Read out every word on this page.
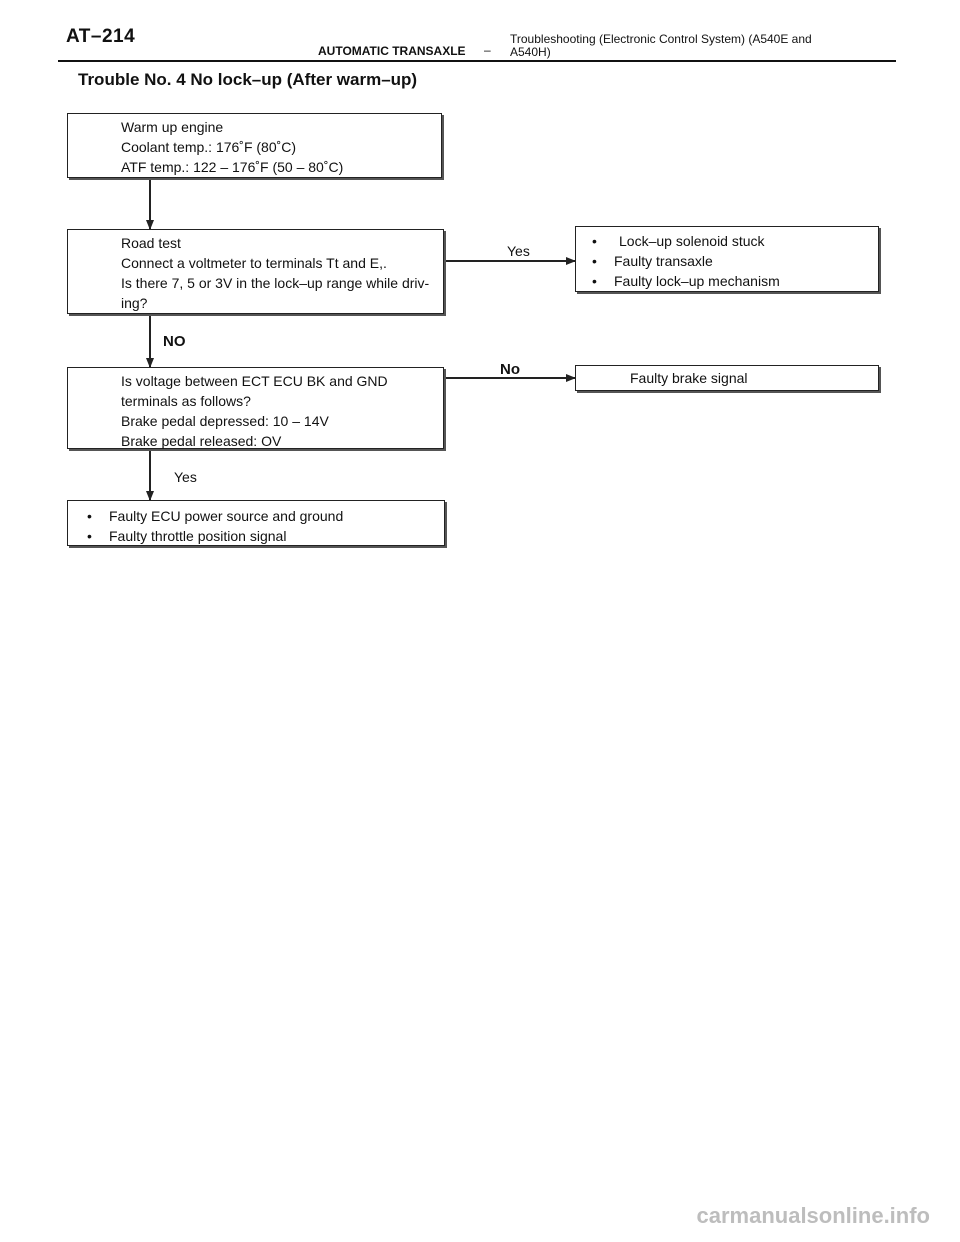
AT–214
AUTOMATIC TRANSAXLE –
Troubleshooting (Electronic Control System) (A540E and A540H)
Trouble No. 4 No lock–up (After warm–up)
Yes
NO
No
Yes
Warm up engine
Coolant temp.: 176˚F (80˚C)
ATF temp.: 122 – 176˚F (50 – 80˚C)
Road test
Connect a voltmeter to terminals Tt and E,.
Is there 7, 5 or 3V in the lock–up range while driv-
ing?
Is voltage between ECT ECU BK and GND
terminals as follows?
Brake pedal depressed: 10 – 14V
Brake pedal released: OV
• Faulty ECU power source and ground
• Faulty throttle position signal
• Lock–up solenoid stuck
• Faulty transaxle
• Faulty lock–up mechanism
Faulty brake signal
carmanualsonline.info
